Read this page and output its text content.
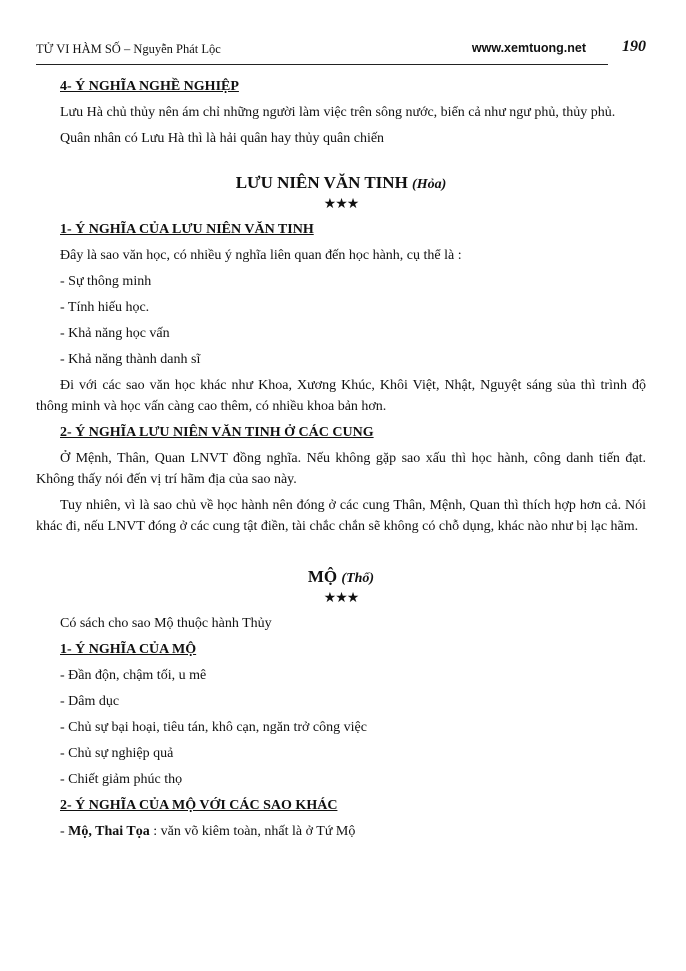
TỬ VI HÀM SỐ – Nguyễn Phát Lộc	www.xemtuong.net 190
4- Ý NGHĨA NGHỀ NGHIỆP

Lưu Hà chủ thủy nên ám chỉ những người làm việc trên sông nước, biển cả như ngư phủ, thủy phủ.

Quân nhân có Lưu Hà thì là hải quân hay thủy quân chiến

LƯU NIÊN VĂN TINH (Hỏa)
★★★
1- Ý NGHĨA CỦA LƯU NIÊN VĂN TINH

Đây là sao văn học, có nhiều ý nghĩa liên quan đến học hành, cụ thể là :

- Sự thông minh
- Tính hiếu học.
- Khả năng học vấn
- Khả năng thành danh sĩ

Đi với các sao văn học khác như Khoa, Xương Khúc, Khôi Việt, Nhật, Nguyệt sáng sủa thì trình độ thông minh và học vấn càng cao thêm, có nhiều khoa bản hơn.

2- Ý NGHĨA LƯU NIÊN VĂN TINH Ở CÁC CUNG

Ở Mệnh, Thân, Quan LNVT đồng nghĩa. Nếu không gặp sao xấu thì học hành, công danh tiến đạt. Không thấy nói đến vị trí hãm địa của sao này.

Tuy nhiên, vì là sao chủ về học hành nên đóng ở các cung Thân, Mệnh, Quan thì thích hợp hơn cả. Nói khác đi, nếu LNVT đóng ở các cung tật điền, tài chắc chắn sẽ không có chỗ dụng, khác nào như bị lạc hãm.

MỘ (Thổ)
★★★

Có sách cho sao Mộ thuộc hành Thủy

1- Ý NGHĨA CỦA MỘ
- Đần độn, chậm tối, u mê
- Dâm dục
- Chủ sự bại hoại, tiêu tán, khô cạn, ngăn trở công việc
- Chủ sự nghiệp quả
- Chiết giảm phúc thọ
2- Ý NGHĨA CỦA MỘ VỚI CÁC SAO KHÁC
- Mộ, Thai Tọa : văn võ kiêm toàn, nhất là ở Tứ Mộ
